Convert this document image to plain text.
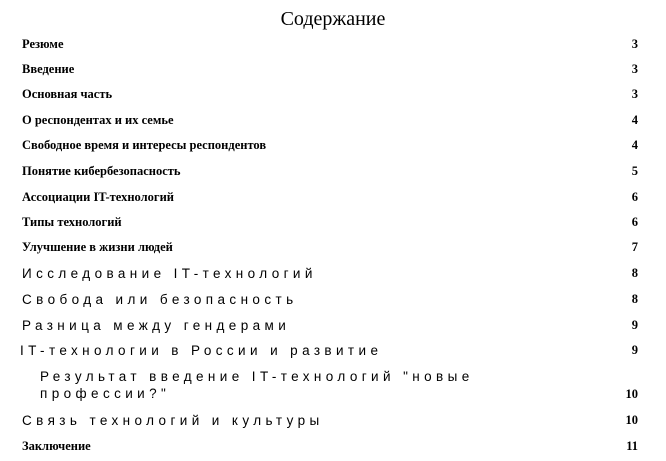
Содержание
Резюме	3
Введение	3
Основная часть	3
О респондентах и их семье	4
Свободное время и интересы респондентов	4
Понятие кибербезопасность	5
Ассоциации IT-технологий	6
Типы технологий	6
Улучшение в жизни людей	7
Исследование IT-технологий	8
Свобода или безопасность	8
Разница между гендерами	9
IT-технологии в России и развитие	9
Результат введение IT-технологий "новые профессии?"	10
Связь технологий и культуры	10
Заключение	11
